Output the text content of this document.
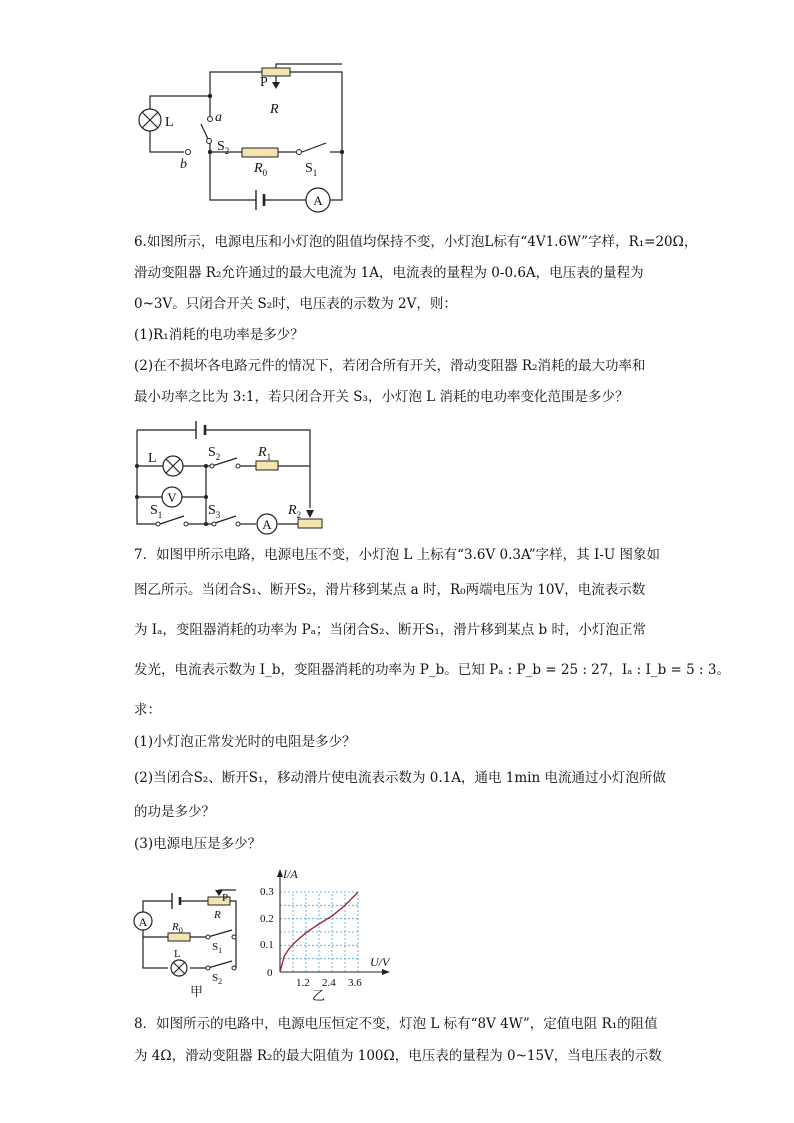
A
P
R
L	a
b
$S_2$
$R_0$	$S_1$
6.如图所示，电源电压和小灯泡的阻值均保持不变，小灯泡L标有“4V1.6W”字样，R₁=20Ω，
滑动变阻器 R₂允许通过的最大电流为 1A，电流表的量程为 0-0.6A，电压表的量程为
0~3V。只闭合开关 S₂时，电压表的示数为 2V，则：
(1)R₁消耗的电功率是多少？
(2)在不损坏各电路元件的情况下，若闭合所有开关，滑动变阻器 R₂消耗的最大功率和
最小功率之比为 3:1，若只闭合开关 S₃，小灯泡 L 消耗的电功率变化范围是多少？
V
A
L	$S_2$	$R_1$
$S_1$	$S_3$	$R_2$
7．如图甲所示电路，电源电压不变，小灯泡 L 上标有“3.6V 0.3A”字样，其 I-U 图象如
图乙所示。当闭合S₁、断开S₂，滑片移到某点 a 时，R₀两端电压为 10V，电流表示数
为 Iₐ，变阻器消耗的功率为 Pₐ；当闭合S₂、断开S₁，滑片移到某点 b 时，小灯泡正常
发光，电流表示数为 I_b，变阻器消耗的功率为 P_b。已知 Pₐ : P_b = 25 : 27，Iₐ : I_b = 5 : 3。
求：
(1)小灯泡正常发光时的电阻是多少？
(2)当闭合S₂、断开S₁，移动滑片使电流表示数为 0.1A，通电 1min 电流通过小灯泡所做
的功是多少？
(3)电源电压是多少？
A
P
R
$R_0$
$S_1$
L
$S_2$
甲
I/A
U/V
0.3
0.2
0.1
0
1.2 2.4 3.6
乙
8．如图所示的电路中，电源电压恒定不变，灯泡 L 标有“8V 4W”，定值电阻 R₁的阻值
为 4Ω，滑动变阻器 R₂的最大阻值为 100Ω，电压表的量程为 0~15V，当电压表的示数
